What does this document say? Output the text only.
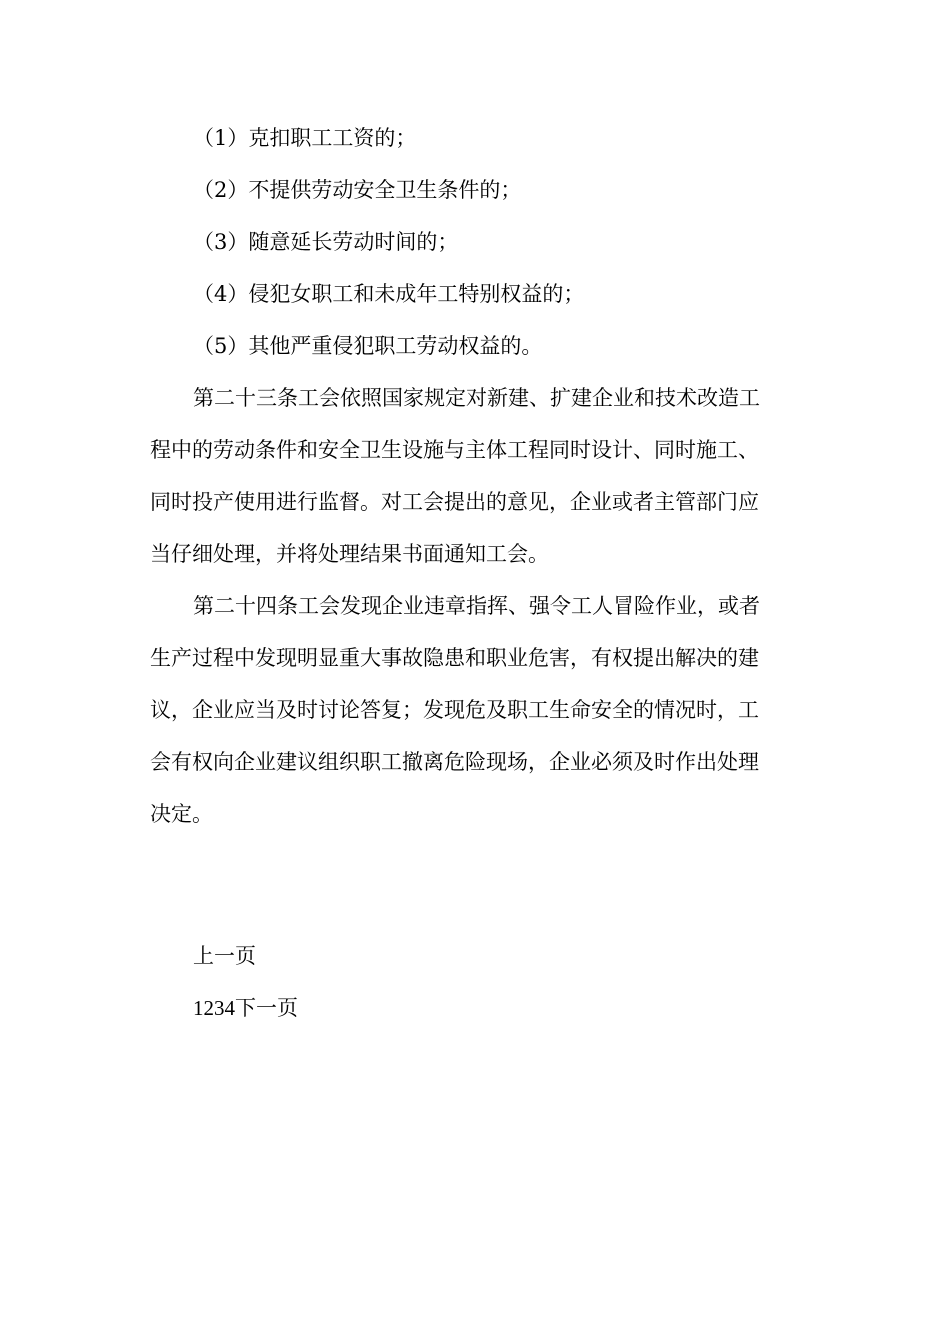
（1）克扣职工工资的；
（2）不提供劳动安全卫生条件的；
（3）随意延长劳动时间的；
（4）侵犯女职工和未成年工特别权益的；
（5）其他严重侵犯职工劳动权益的。
第二十三条工会依照国家规定对新建、扩建企业和技术改造工
程中的劳动条件和安全卫生设施与主体工程同时设计、同时施工、
同时投产使用进行监督。对工会提出的意见，企业或者主管部门应
当仔细处理，并将处理结果书面通知工会。
第二十四条工会发现企业违章指挥、强令工人冒险作业，或者
生产过程中发现明显重大事故隐患和职业危害，有权提出解决的建
议，企业应当及时讨论答复；发现危及职工生命安全的情况时，工
会有权向企业建议组织职工撤离危险现场，企业必须及时作出处理
决定。
上一页
1234下一页
